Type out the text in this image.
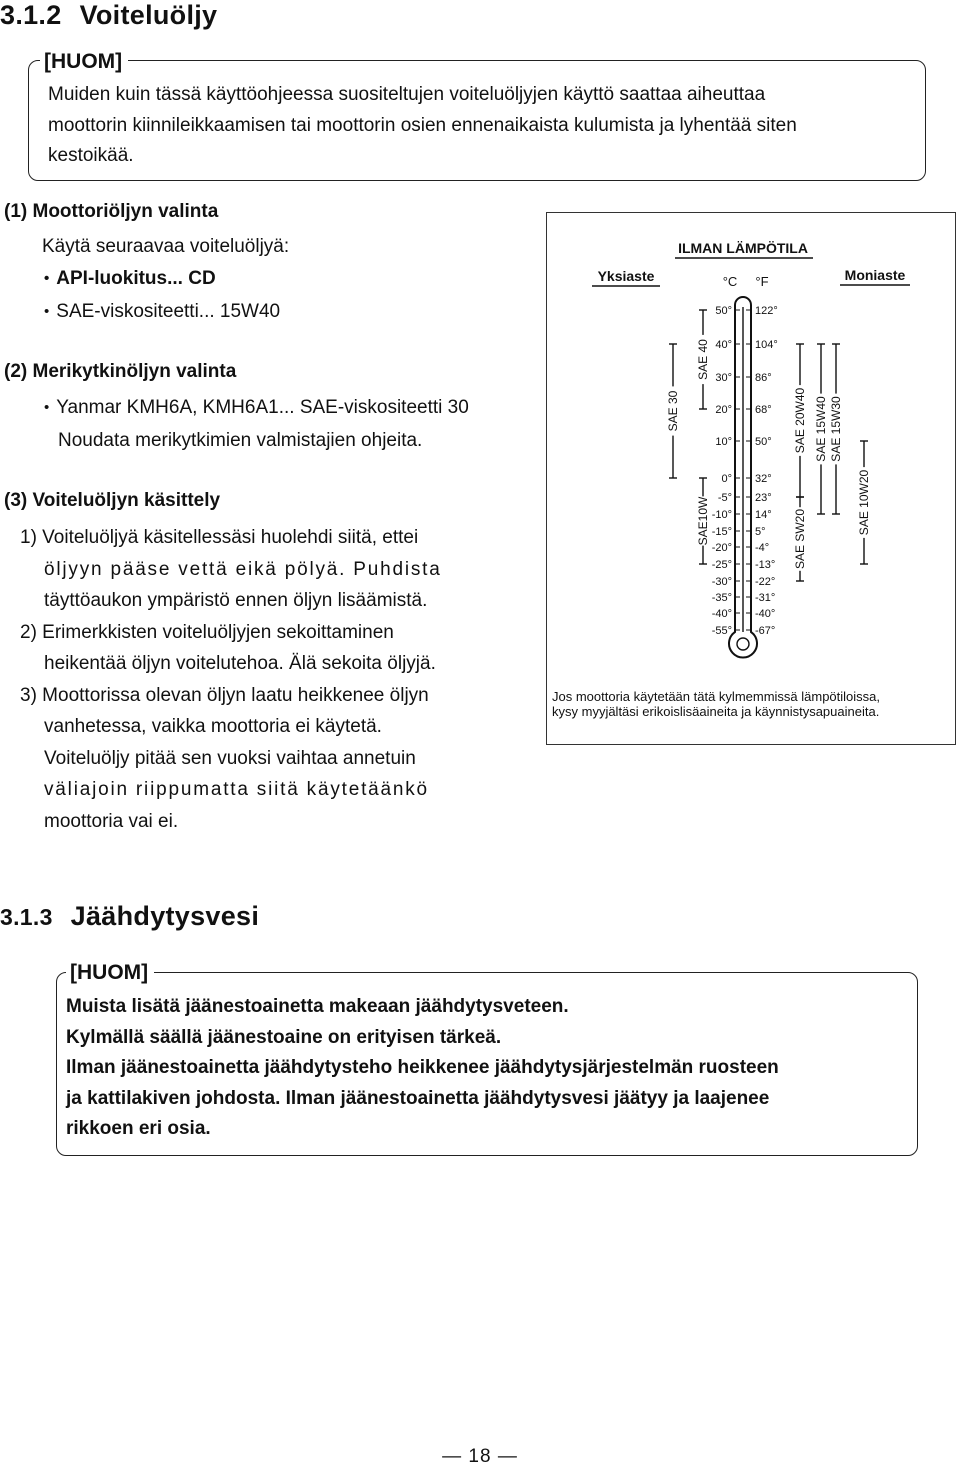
3.1.2 Voiteluöljy
[HUOM]
Muiden kuin tässä käyttöohjeessa suositeltujen voiteluöljyjen käyttö saattaa aiheuttaa
moottorin kiinnileikkaamisen tai moottorin osien ennenaikaista kulumista ja lyhentää siten
kestoikää.
(1) Moottoriöljyn valinta
Käytä seuraavaa voiteluöljyä:
• API-luokitus... CD
• SAE-viskositeetti... 15W40
(2) Merikytkinöljyn valinta
• Yanmar KMH6A, KMH6A1... SAE-viskositeetti 30
Noudata merikytkimien valmistajien ohjeita.
(3) Voiteluöljyn käsittely
1) Voiteluöljyä käsitellessäsi huolehdi siitä, ettei
öljyyn pääse vettä eikä pölyä. Puhdista
täyttöaukon ympäristö ennen öljyn lisäämistä.
2) Erimerkkisten voiteluöljyjen sekoittaminen
heikentää öljyn voitelutehoa. Älä sekoita öljyjä.
3) Moottorissa olevan öljyn laatu heikkenee öljyn
vanhetessa, vaikka moottoria ei käytetä.
Voiteluöljy pitää sen vuoksi vaihtaa annetuin
väliajoin riippumatta siitä käytetäänkö
moottoria vai ei.
ILMAN LÄMPÖTILA
Yksiaste	Moniaste
°C °F
50° 122°
40° 104°
30° 86°
20° 68°
10° 50°
0° 32°
-5° 23°
-10° 14°
-15° 5°
-20° -4°
-25° -13°
-30° -22°
-35° -31°
-40° -40°
-55° -67°
SAE 30
SAE 40
SAE10W
SAE 20W40
SAE SW20
SAE 15W40 SAE 15W30
SAE 10W20
Jos moottoria käytetään tätä kylmemmissä lämpötiloissa,
kysy myyjältäsi erikoislisäaineita ja käynnistysapuaineita.
3.1.3 Jäähdytysvesi
[HUOM]
Muista lisätä jäänestoainetta makeaan jäähdytysveteen.
Kylmällä säällä jäänestoaine on erityisen tärkeä.
Ilman jäänestoainetta jäähdytysteho heikkenee jäähdytysjärjestelmän ruosteen
ja kattilakiven johdosta. Ilman jäänestoainetta jäähdytysvesi jäätyy ja laajenee
rikkoen eri osia.
— 18 —
